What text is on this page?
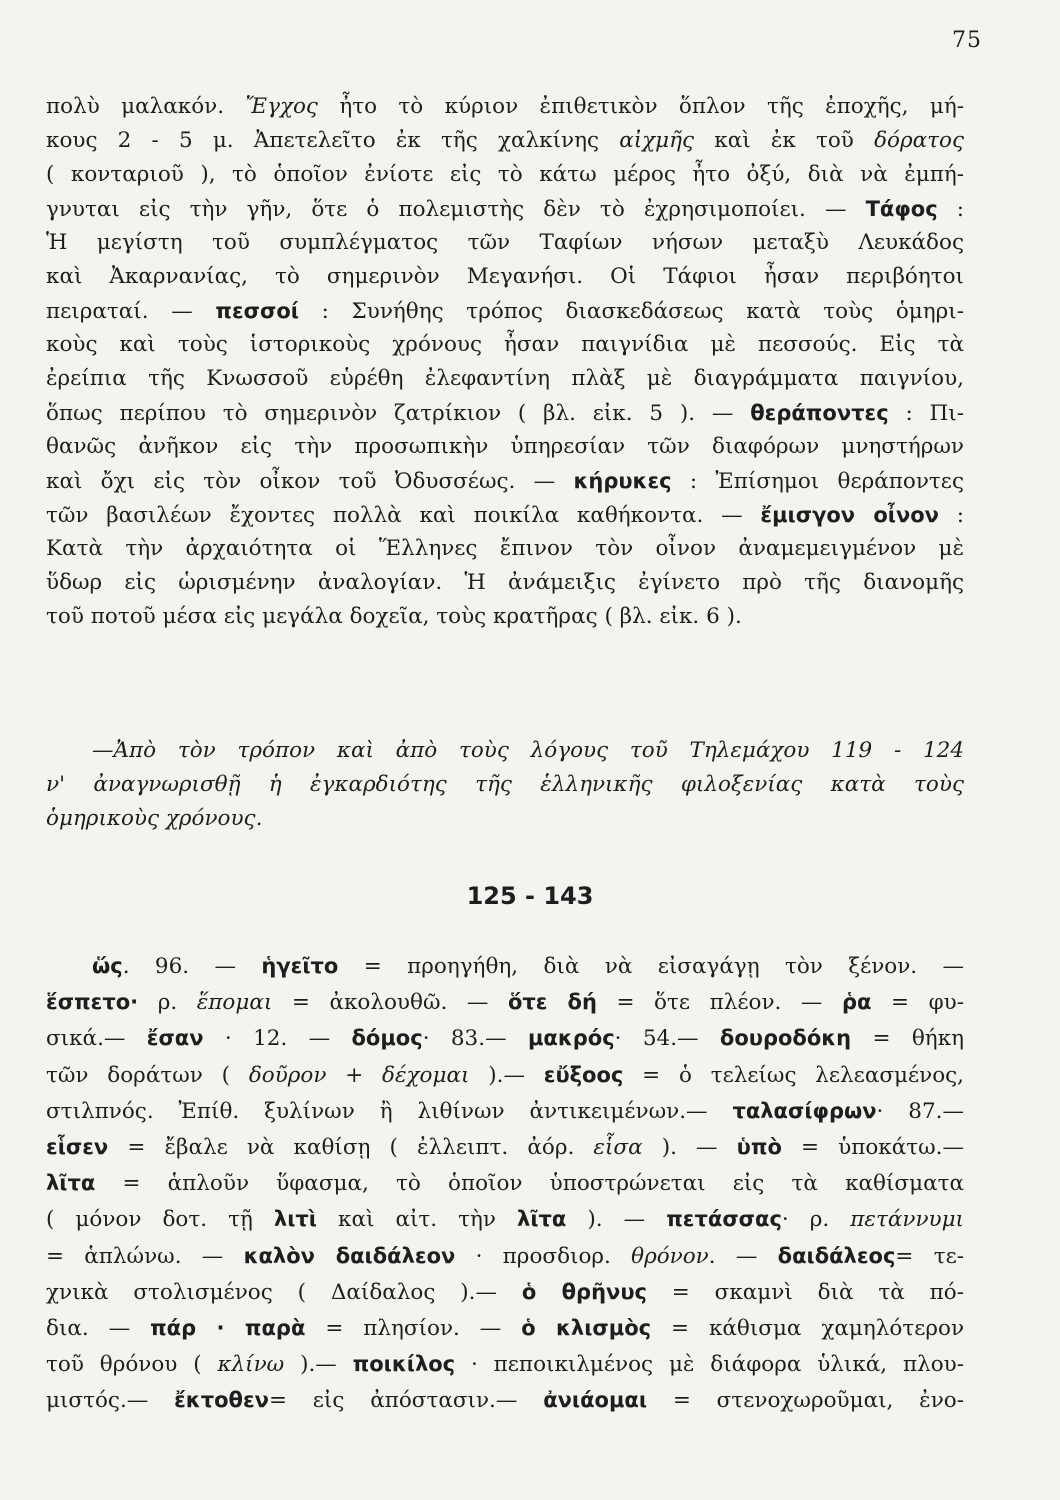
75
πολὺ μαλακόν. Ἔγχος ἦτο τὸ κύριον ἐπιθετικὸν ὅπλον τῆς ἐποχῆς, μή-
κους 2 - 5 μ. Ἀπετελεῖτο ἐκ τῆς χαλκίνης αἰχμῆς καὶ ἐκ τοῦ δόρατος
( κονταριοῦ ), τὸ ὁποῖον ἐνίοτε εἰς τὸ κάτω μέρος ἦτο ὀξύ, διὰ νὰ ἐμπή-
γνυται εἰς τὴν γῆν, ὅτε ὁ πολεμιστὴς δὲν τὸ ἐχρησιμοποίει. — Τάφος :
Ἡ μεγίστη τοῦ συμπλέγματος τῶν Ταφίων νήσων μεταξὺ Λευκάδος
καὶ Ἀκαρνανίας, τὸ σημερινὸν Μεγανήσι. Οἱ Τάφιοι ἦσαν περιβόητοι
πειραταί. — πεσσοί : Συνήθης τρόπος διασκεδάσεως κατὰ τοὺς ὁμηρι-
κοὺς καὶ τοὺς ἱστορικοὺς χρόνους ἦσαν παιγνίδια μὲ πεσσούς. Εἰς τὰ
ἐρείπια τῆς Κνωσσοῦ εὑρέθη ἐλεφαντίνη πλὰξ μὲ διαγράμματα παιγνίου,
ὅπως περίπου τὸ σημερινὸν ζατρίκιον ( βλ. εἰκ. 5 ). — θεράποντες : Πι-
θανῶς ἀνῆκον εἰς τὴν προσωπικὴν ὑπηρεσίαν τῶν διαφόρων μνηστήρων
καὶ ὄχι εἰς τὸν οἶκον τοῦ Ὀδυσσέως. — κήρυκες : Ἐπίσημοι θεράποντες
τῶν βασιλέων ἔχοντες πολλὰ καὶ ποικίλα καθήκοντα. — ἔμισγον οἶνον :
Κατὰ τὴν ἀρχαιότητα οἱ Ἕλληνες ἔπινον τὸν οἶνον ἀναμεμειγμένον μὲ
ὕδωρ εἰς ὡρισμένην ἀναλογίαν. Ἡ ἀνάμειξις ἐγίνετο πρὸ τῆς διανομῆς
τοῦ ποτοῦ μέσα εἰς μεγάλα δοχεῖα, τοὺς κρατῆρας ( βλ. εἰκ. 6 ).
—Ἀπὸ τὸν τρόπον καὶ ἀπὸ τοὺς λόγους τοῦ Τηλεμάχου 119 - 124
ν' ἀναγνωρισθῇ ἡ ἐγκαρδιότης τῆς ἑλληνικῆς φιλοξενίας κατὰ τοὺς
ὁμηρικοὺς χρόνους.
125 - 143
ὥς. 96. — ἡγεῖτο = προηγήθη, διὰ νὰ εἰσαγάγῃ τὸν ξένον. —
ἕσπετο· ρ. ἕπομαι = ἀκολουθῶ. — ὅτε δή = ὅτε πλέον. — ῥα = φυ-
σικά.— ἔσαν · 12. — δόμος· 83.— μακρός· 54.— δουροδόκη = θήκη
τῶν δοράτων ( δοῦρον + δέχομαι ).— εὔξοος = ὁ τελείως λελεασμένος,
στιλπνός. Ἐπίθ. ξυλίνων ἢ λιθίνων ἀντικειμένων.— ταλασίφρων· 87.—
εἷσεν = ἔβαλε νὰ καθίσῃ ( ἐλλειπτ. ἀόρ. εἷσα ). — ὑπὸ = ὑποκάτω.—
λῖτα = ἁπλοῦν ὕφασμα, τὸ ὁποῖον ὑποστρώνεται εἰς τὰ καθίσματα
( μόνον δοτ. τῇ λιτὶ καὶ αἰτ. τὴν λῖτα ). — πετάσσας· ρ. πετάννυμι
= ἁπλώνω. — καλὸν δαιδάλεον · προσδιορ. θρόνον. — δαιδάλεος= τε-
χνικὰ στολισμένος ( Δαίδαλος ).— ὁ θρῆνυς = σκαμνὶ διὰ τὰ πό-
δια. — πάρ · παρὰ = πλησίον. — ὁ κλισμὸς = κάθισμα χαμηλότερον
τοῦ θρόνου ( κλίνω ).— ποικίλος · πεποικιλμένος μὲ διάφορα ὑλικά, πλου-
μιστός.— ἔκτοθεν= εἰς ἀπόστασιν.— ἀνιάομαι = στενοχωροῦμαι, ἐνο-
